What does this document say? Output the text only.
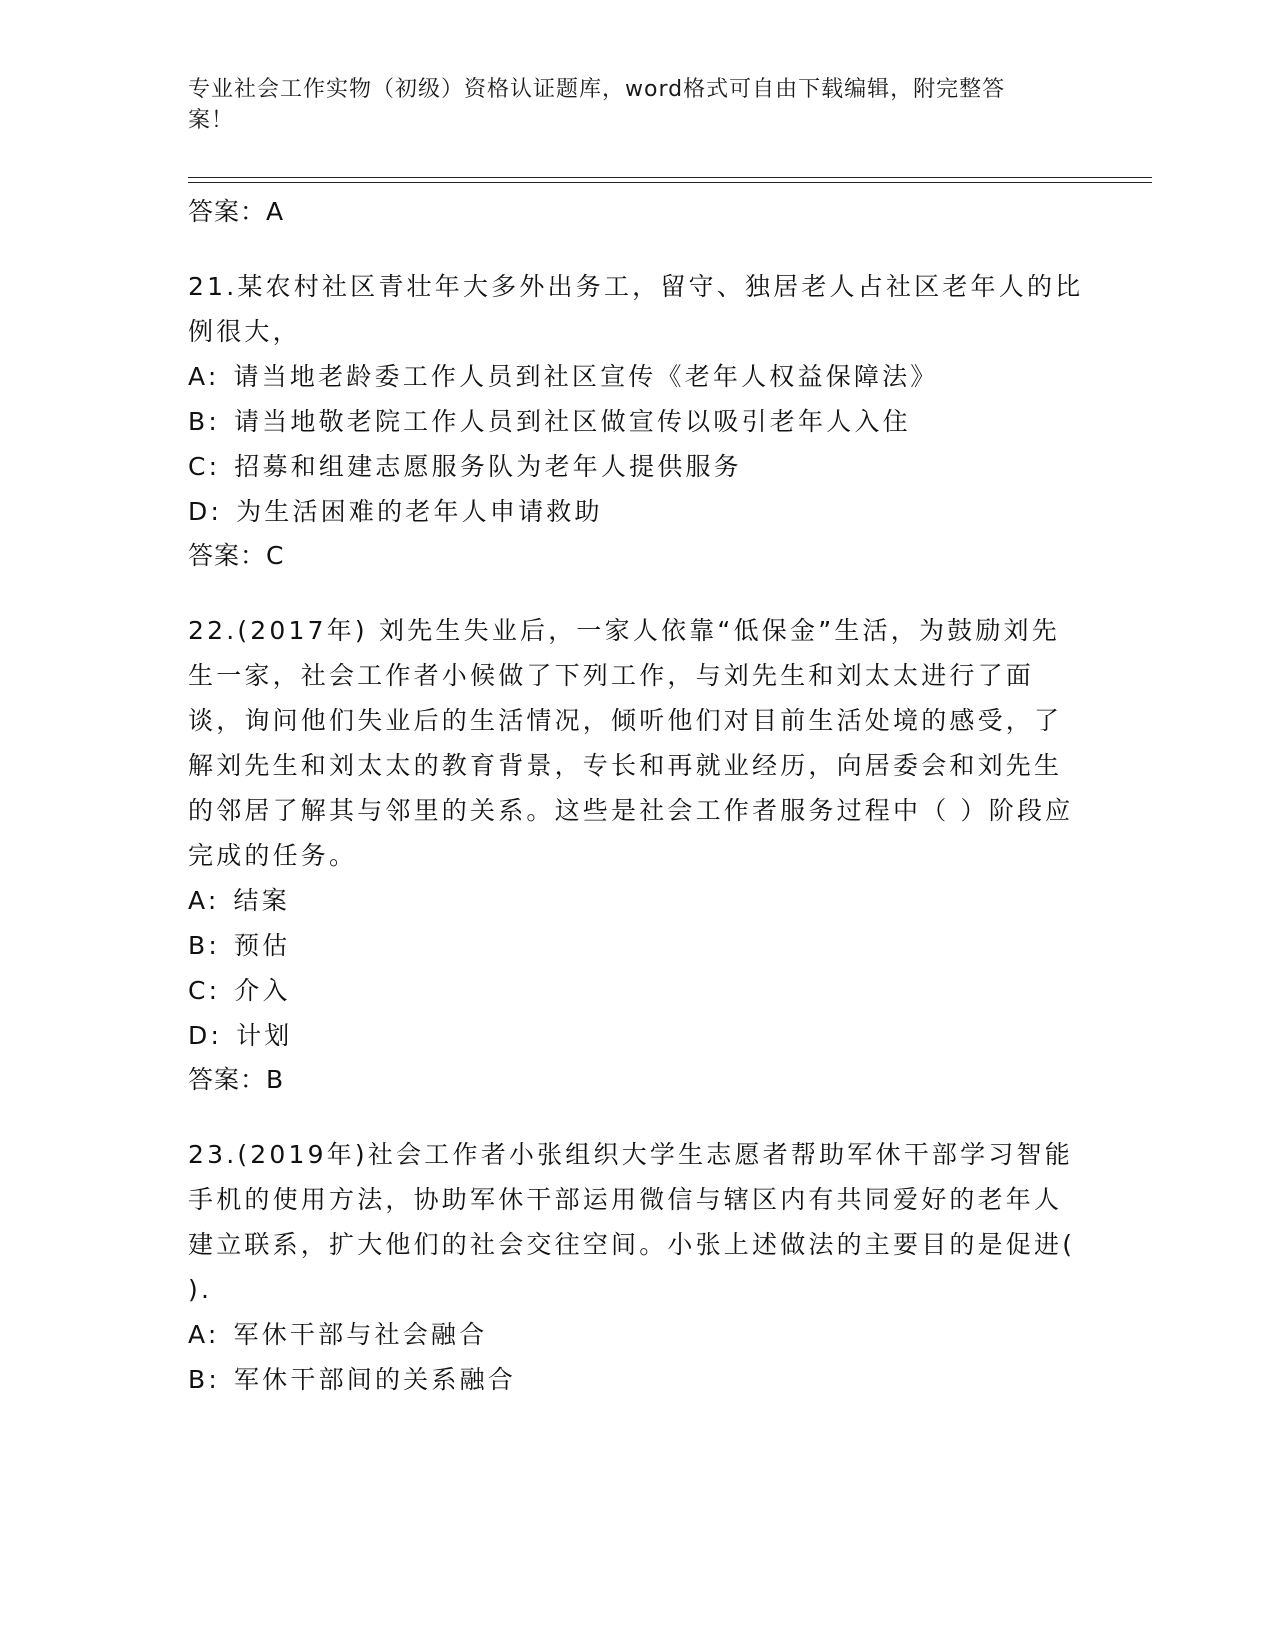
专业社会工作实物（初级）资格认证题库，word格式可自由下载编辑，附完整答
案！
答案：A
21.某农村社区青壮年大多外出务工，留守、独居老人占社区老年人的比例很大，
A: 请当地老龄委工作人员到社区宣传《老年人权益保障法》
B: 请当地敬老院工作人员到社区做宣传以吸引老年人入住
C: 招募和组建志愿服务队为老年人提供服务
D: 为生活困难的老年人申请救助
答案：C
22.(2017年) 刘先生失业后，一家人依靠“低保金”生活，为鼓励刘先生一家，社会工作者小候做了下列工作，与刘先生和刘太太进行了面谈，询问他们失业后的生活情况，倾听他们对目前生活处境的感受，了解刘先生和刘太太的教育背景，专长和再就业经历，向居委会和刘先生的邻居了解其与邻里的关系。这些是社会工作者服务过程中（ ）阶段应完成的任务。
A: 结案
B: 预估
C: 介入
D: 计划
答案：B
23.(2019年)社会工作者小张组织大学生志愿者帮助军休干部学习智能手机的使用方法，协助军休干部运用微信与辖区内有共同爱好的老年人建立联系，扩大他们的社会交往空间。小张上述做法的主要目的是促进( ).
A: 军休干部与社会融合
B: 军休干部间的关系融合
